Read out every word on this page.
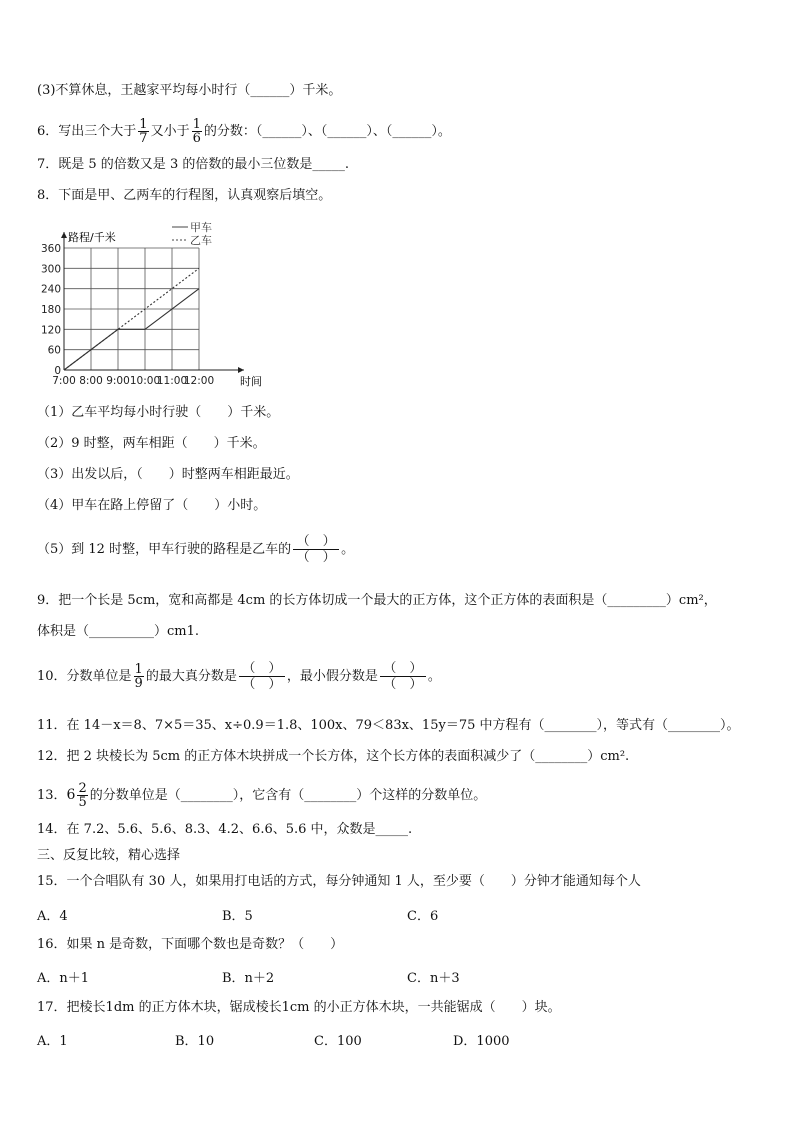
(3)不算休息，王越家平均每小时行（______）千米。
6．写出三个大于 $\frac{1}{7}$ 又小于 $\frac{1}{6}$ 的分数：（______）、（______）、（______）。
7．既是 5 的倍数又是 3 的倍数的最小三位数是_____.
8．下面是甲、乙两车的行程图，认真观察后填空。
360
300
240
180
120
60
0
7:00 8:00 9:00 10:00
11:00
12:00
路程/千米
时间
甲车
乙车
（1）乙车平均每小时行驶（　　）千米。
（2）9 时整，两车相距（　　）千米。
（3）出发以后，（　　）时整两车相距最近。
（4）甲车在路上停留了（　　）小时。
（5）到 12 时整，甲车行驶的路程是乙车的
（　）
（　）
。
9．把一个长是 5cm，宽和高都是 4cm 的长方体切成一个最大的正方体，这个正方体的表面积是（_________）cm²，
体积是（__________）cm1.
10．分数单位是 $\frac{1}{9}$ 的最大真分数是
（　）
（　）
，最小假分数是
（　）
（　）
。
11．在 14－x＝8、7×5＝35、x÷0.9＝1.8、100x、79＜83x、15y＝75 中方程有（________），等式有（________）。
12．把 2 块棱长为 5cm 的正方体木块拼成一个长方体，这个长方体的表面积减少了（________）cm².
13．$6 \frac{2}{5}$ 的分数单位是（________），它含有（________）个这样的分数单位。
14．在 7.2、5.6、5.6、8.3、4.2、6.6、5.6 中，众数是_____.
三、反复比较，精心选择
15．一个合唱队有 30 人，如果用打电话的方式，每分钟通知 1 人，至少要（　　）分钟才能通知每个人
A．4	B．5	C．6
16．如果 n 是奇数，下面哪个数也是奇数？（　　）
A．n＋1	B．n＋2	C．n＋3
17．把棱长1dm 的正方体木块，锯成棱长1cm 的小正方体木块，一共能锯成（　　）块。
A．1	B．10	C．100	D．1000
